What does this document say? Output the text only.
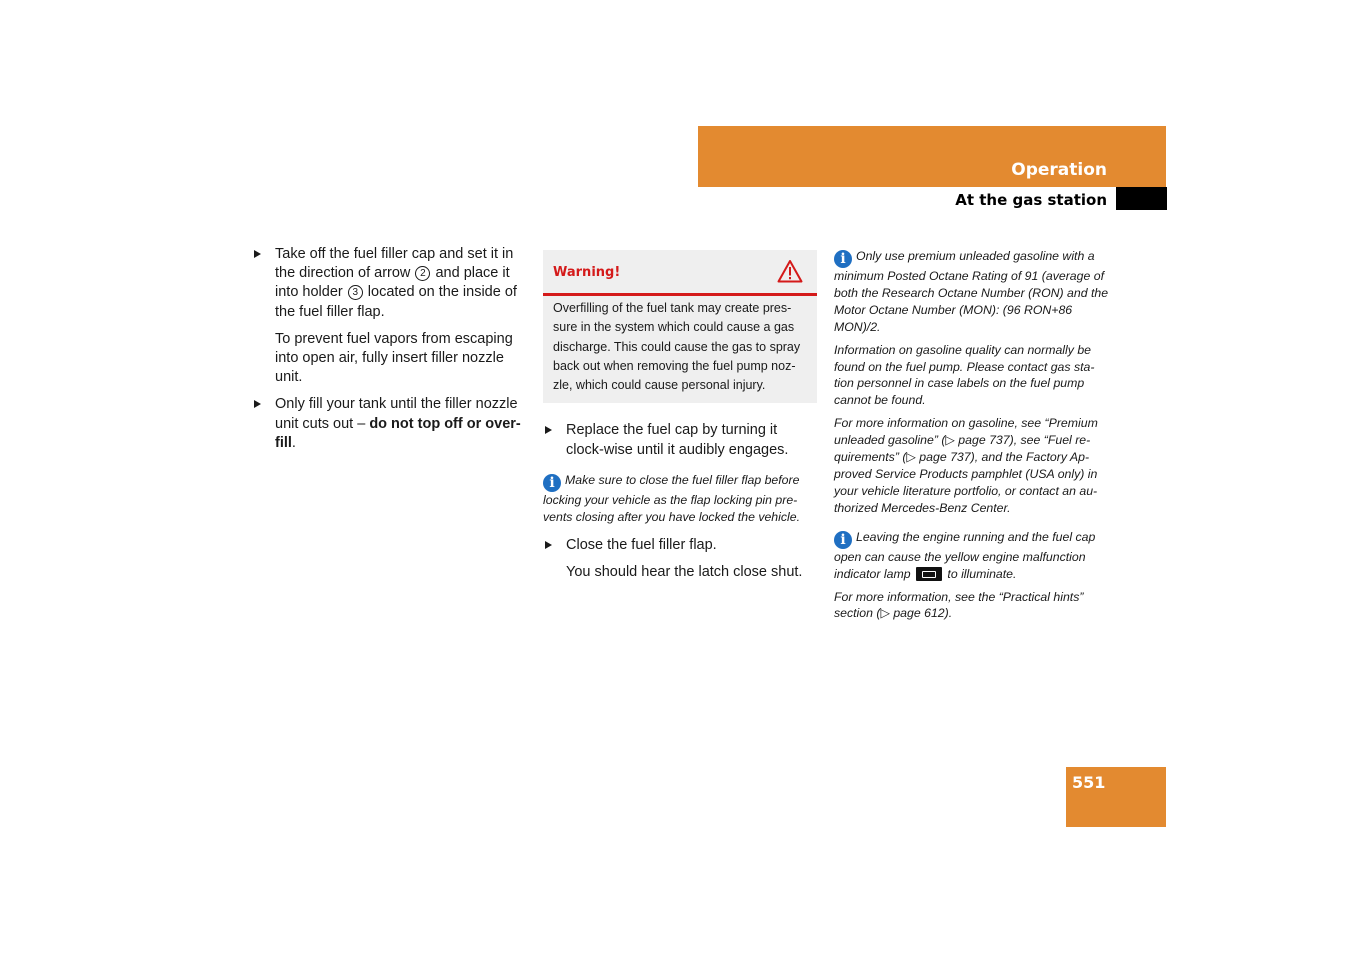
Operation
At the gas station
Take off the fuel filler cap and set it in the direction of arrow 2 and place it into holder 3 located on the inside of the fuel filler flap.

To prevent fuel vapors from escaping into open air, fully insert filler nozzle unit.

Only fill your tank until the filler nozzle unit cuts out – do not top off or over-fill.
Warning!
Overfilling of the fuel tank may create pres-sure in the system which could cause a gas discharge. This could cause the gas to spray back out when removing the fuel pump noz-zle, which could cause personal injury.
Replace the fuel cap by turning it clock-wise until it audibly engages.

i Make sure to close the fuel filler flap before locking your vehicle as the flap locking pin pre-vents closing after you have locked the vehicle.

Close the fuel filler flap.

You should hear the latch close shut.

i Only use premium unleaded gasoline with a minimum Posted Octane Rating of 91 (average of both the Research Octane Number (RON) and the Motor Octane Number (MON): (96 RON+86 MON)/2.

Information on gasoline quality can normally be found on the fuel pump. Please contact gas sta-tion personnel in case labels on the fuel pump cannot be found.

For more information on gasoline, see “Premium unleaded gasoline” (▷ page 737), see “Fuel re-quirements” (▷ page 737), and the Factory Ap-proved Service Products pamphlet (USA only) in your vehicle literature portfolio, or contact an au-thorized Mercedes-Benz Center.

i Leaving the engine running and the fuel cap open can cause the yellow engine malfunction indicator lamp	to illuminate.

For more information, see the “Practical hints” section (▷ page 612).

551
